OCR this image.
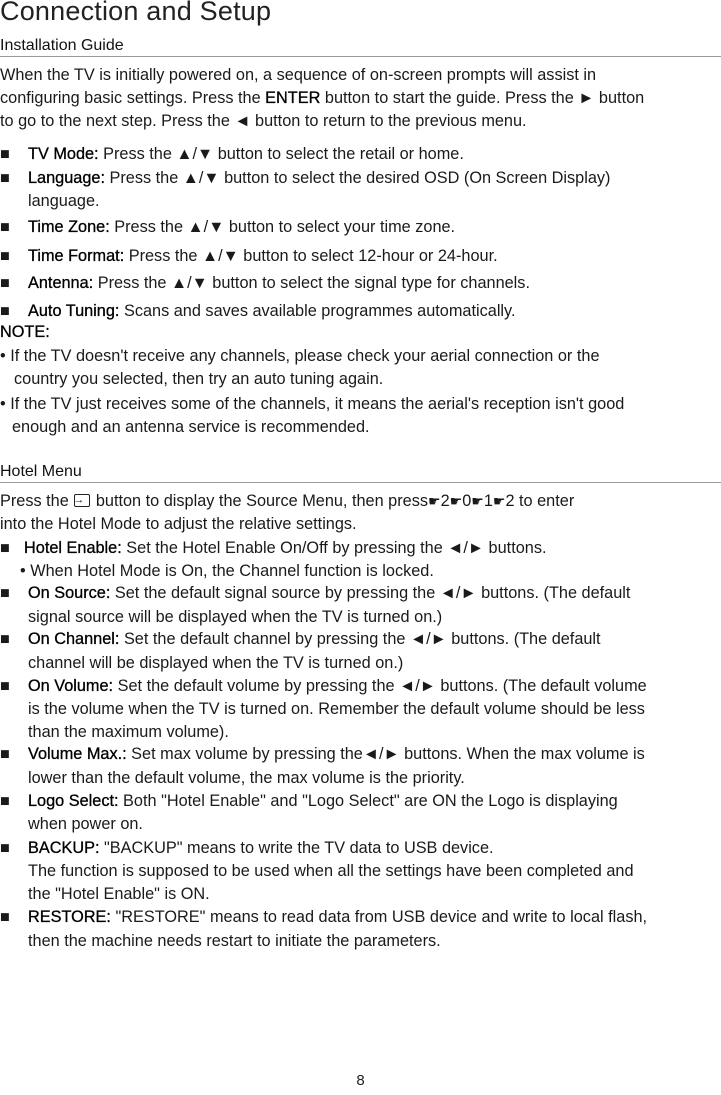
Connection and Setup
Installation Guide

When the TV is initially powered on, a sequence of on-screen prompts will assist in

configuring basic settings. Press the ENTER button to start the guide. Press the ► button

to go to the next step. Press the ◄ button to return to the previous menu.

■ TV Mode: Press the ▲/▼ button to select the retail or home.
■ Language: Press the ▲/▼ button to select the desired OSD (On Screen Display)
language.
■ Time Zone: Press the ▲/▼ button to select your time zone.
■ Time Format: Press the ▲/▼ button to select 12-hour or 24-hour.
■ Antenna: Press the ▲/▼ button to select the signal type for channels.
■ Auto Tuning: Scans and saves available programmes automatically.
NOTE:
• If the TV doesn't receive any channels, please check your aerial connection or the
country you selected, then try an auto tuning again.
• If the TV just receives some of the channels, it means the aerial's reception isn't good
enough and an antenna service is recommended.
Hotel Menu
Press the → button to display the Source Menu, then press☛2☛0☛1☛2 to enter
into the Hotel Mode to adjust the relative settings.
■ Hotel Enable: Set the Hotel Enable On/Off by pressing the ◄/► buttons.
• When Hotel Mode is On, the Channel function is locked.
■ On Source: Set the default signal source by pressing the ◄/► buttons. (The default
signal source will be displayed when the TV is turned on.)
■ On Channel: Set the default channel by pressing the ◄/► buttons. (The default
channel will be displayed when the TV is turned on.)
■ On Volume: Set the default volume by pressing the ◄/► buttons. (The default volume
is the volume when the TV is turned on. Remember the default volume should be less
than the maximum volume).
■ Volume Max.: Set max volume by pressing the◄/► buttons. When the max volume is
lower than the default volume, the max volume is the priority.
■ Logo Select: Both "Hotel Enable" and "Logo Select" are ON the Logo is displaying
when power on.
■ BACKUP: "BACKUP" means to write the TV data to USB device.
The function is supposed to be used when all the settings have been completed and
the "Hotel Enable" is ON.
■ RESTORE: "RESTORE" means to read data from USB device and write to local flash,
then the machine needs restart to initiate the parameters.
8
